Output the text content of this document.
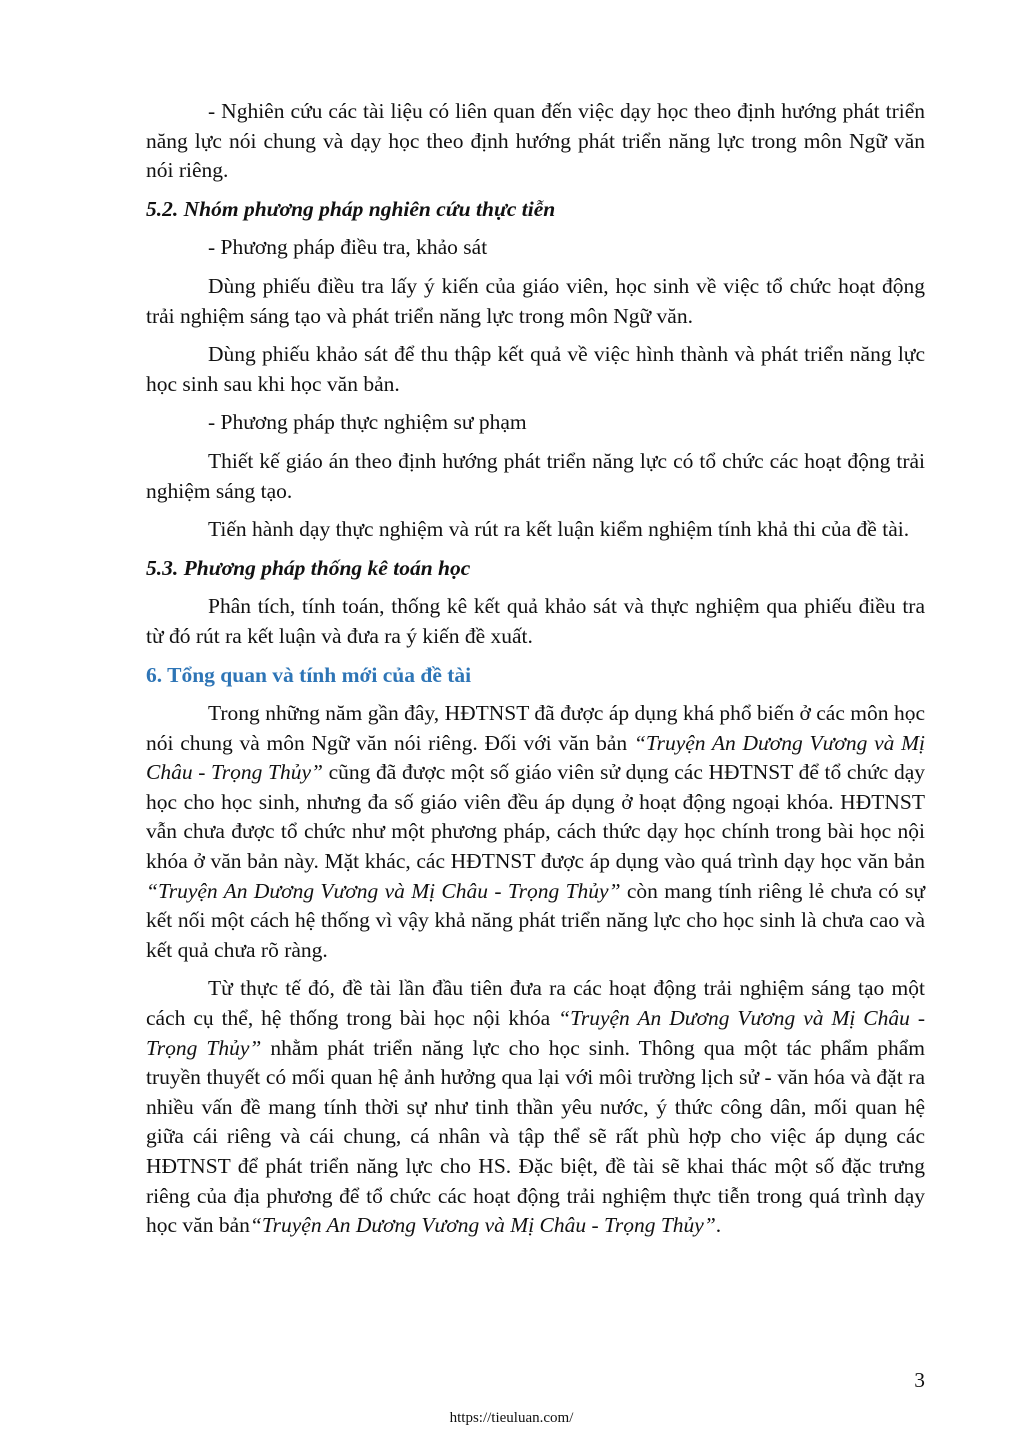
- Nghiên cứu các tài liệu có liên quan đến việc dạy học theo định hướng phát triển năng lực nói chung và dạy học theo định hướng phát triển năng lực trong môn Ngữ văn nói riêng.

5.2. Nhóm phương pháp nghiên cứu thực tiễn

- Phương pháp điều tra, khảo sát

Dùng phiếu điều tra lấy ý kiến của giáo viên, học sinh về việc tổ chức hoạt động trải nghiệm sáng tạo và phát triển năng lực trong môn Ngữ văn.

Dùng phiếu khảo sát để thu thập kết quả về việc hình thành và phát triển năng lực học sinh sau khi học văn bản.

- Phương pháp thực nghiệm sư phạm

Thiết kế giáo án theo định hướng phát triển năng lực có tổ chức các hoạt động trải nghiệm sáng tạo.

Tiến hành dạy thực nghiệm và rút ra kết luận kiểm nghiệm tính khả thi của đề tài.

5.3. Phương pháp thống kê toán học

Phân tích, tính toán, thống kê kết quả khảo sát và thực nghiệm qua phiếu điều tra từ đó rút ra kết luận và đưa ra ý kiến đề xuất.

6. Tổng quan và tính mới của đề tài

Trong những năm gần đây, HĐTNST đã được áp dụng khá phổ biến ở các môn học nói chung và môn Ngữ văn nói riêng. Đối với văn bản “Truyện An Dương Vương và Mị Châu - Trọng Thủy” cũng đã được một số giáo viên sử dụng các HĐTNST để tổ chức dạy học cho học sinh, nhưng đa số giáo viên đều áp dụng ở hoạt động ngoại khóa. HĐTNST vẫn chưa được tổ chức như một phương pháp, cách thức dạy học chính trong bài học nội khóa ở văn bản này. Mặt khác, các HĐTNST được áp dụng vào quá trình dạy học văn bản “Truyện An Dương Vương và Mị Châu - Trọng Thủy” còn mang tính riêng lẻ chưa có sự kết nối một cách hệ thống vì vậy khả năng phát triển năng lực cho học sinh là chưa cao và kết quả chưa rõ ràng.

Từ thực tế đó, đề tài lần đầu tiên đưa ra các hoạt động trải nghiệm sáng tạo một cách cụ thể, hệ thống trong bài học nội khóa “Truyện An Dương Vương và Mị Châu - Trọng Thủy” nhằm phát triển năng lực cho học sinh. Thông qua một tác phẩm phẩm truyền thuyết có mối quan hệ ảnh hưởng qua lại với môi trường lịch sử - văn hóa và đặt ra nhiều vấn đề mang tính thời sự như tinh thần yêu nước, ý thức công dân, mối quan hệ giữa cái riêng và cái chung, cá nhân và tập thể sẽ rất phù hợp cho việc áp dụng các HĐTNST để phát triển năng lực cho HS. Đặc biệt, đề tài sẽ khai thác một số đặc trưng riêng của địa phương để tổ chức các hoạt động trải nghiệm thực tiễn trong quá trình dạy học văn bản“Truyện An Dương Vương và Mị Châu - Trọng Thủy”.

3
https://tieuluan.com/
